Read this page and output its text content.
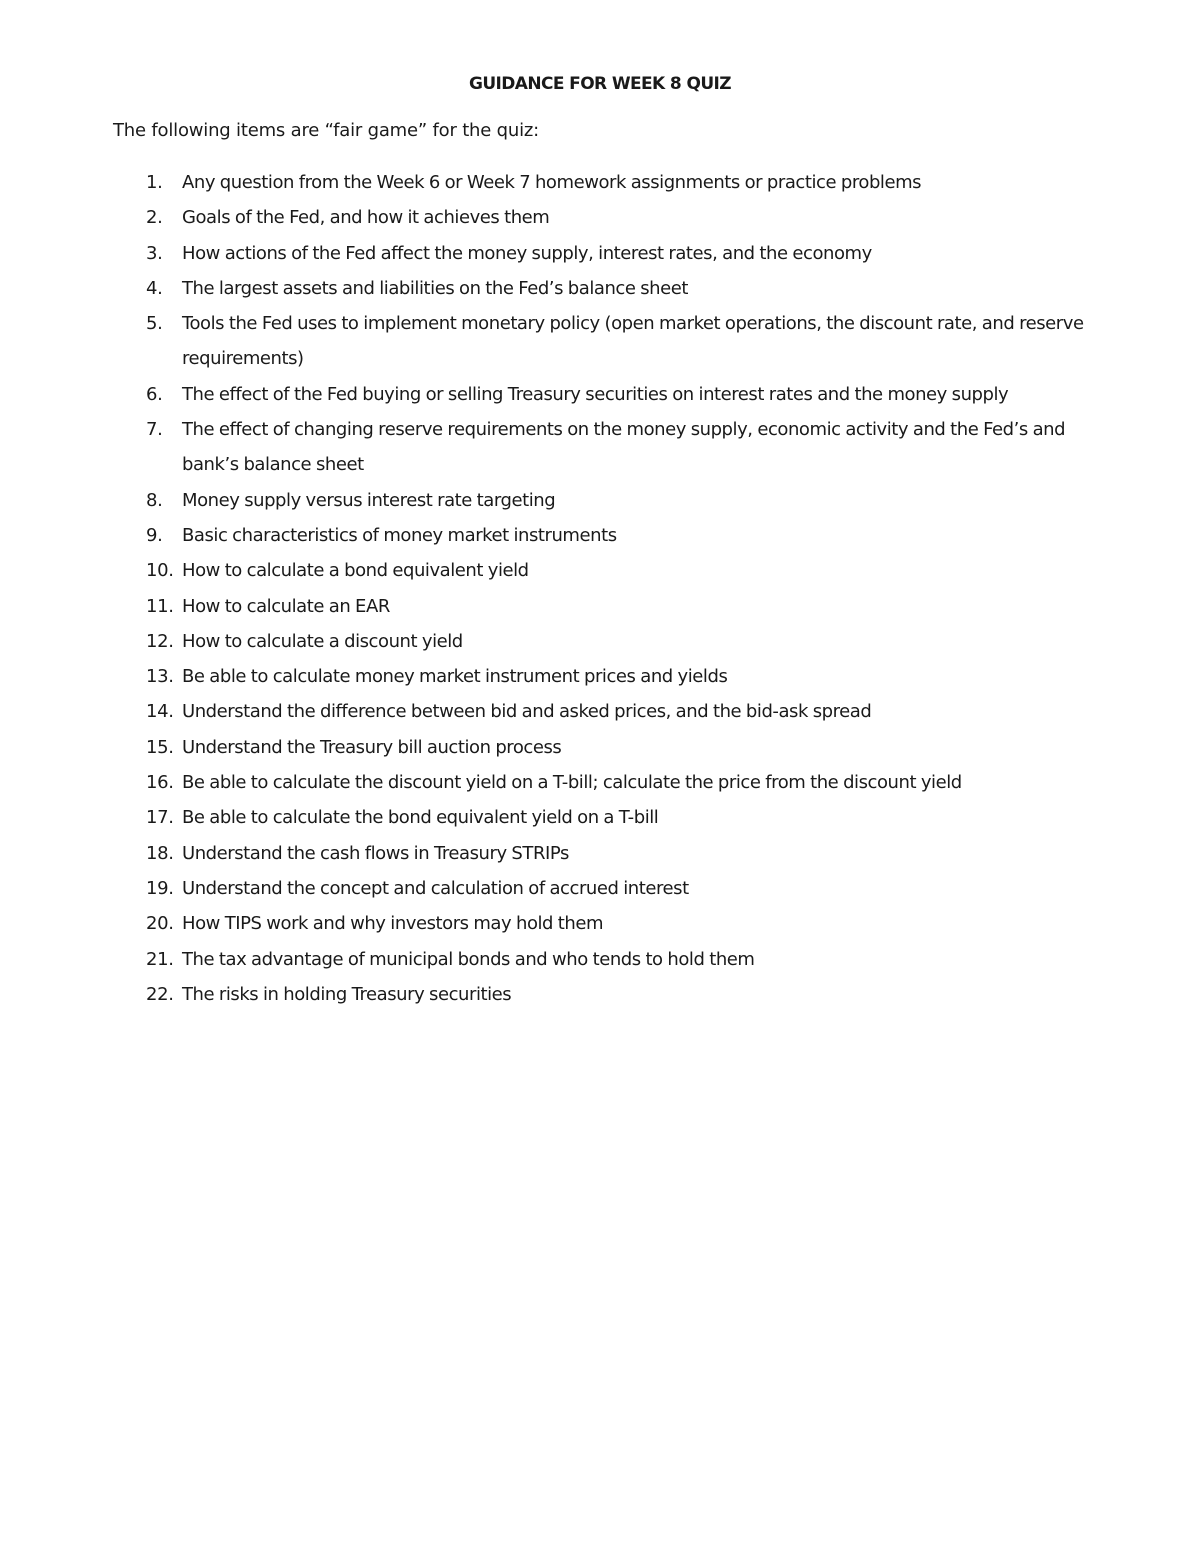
GUIDANCE FOR WEEK 8 QUIZ
The following items are “fair game” for the quiz:
1. Any question from the Week 6 or Week 7 homework assignments or practice problems
2. Goals of the Fed, and how it achieves them
3. How actions of the Fed affect the money supply, interest rates, and the economy
4. The largest assets and liabilities on the Fed’s balance sheet
5. Tools the Fed uses to implement monetary policy (open market operations, the discount rate, and reserve requirements)
6. The effect of the Fed buying or selling Treasury securities on interest rates and the money supply
7. The effect of changing reserve requirements on the money supply, economic activity and the Fed’s and bank’s balance sheet
8. Money supply versus interest rate targeting
9. Basic characteristics of money market instruments
10. How to calculate a bond equivalent yield
11. How to calculate an EAR
12. How to calculate a discount yield
13. Be able to calculate money market instrument prices and yields
14. Understand the difference between bid and asked prices, and the bid-ask spread
15. Understand the Treasury bill auction process
16. Be able to calculate the discount yield on a T-bill; calculate the price from the discount yield
17. Be able to calculate the bond equivalent yield on a T-bill
18. Understand the cash flows in Treasury STRIPs
19. Understand the concept and calculation of accrued interest
20. How TIPS work and why investors may hold them
21. The tax advantage of municipal bonds and who tends to hold them
22. The risks in holding Treasury securities
